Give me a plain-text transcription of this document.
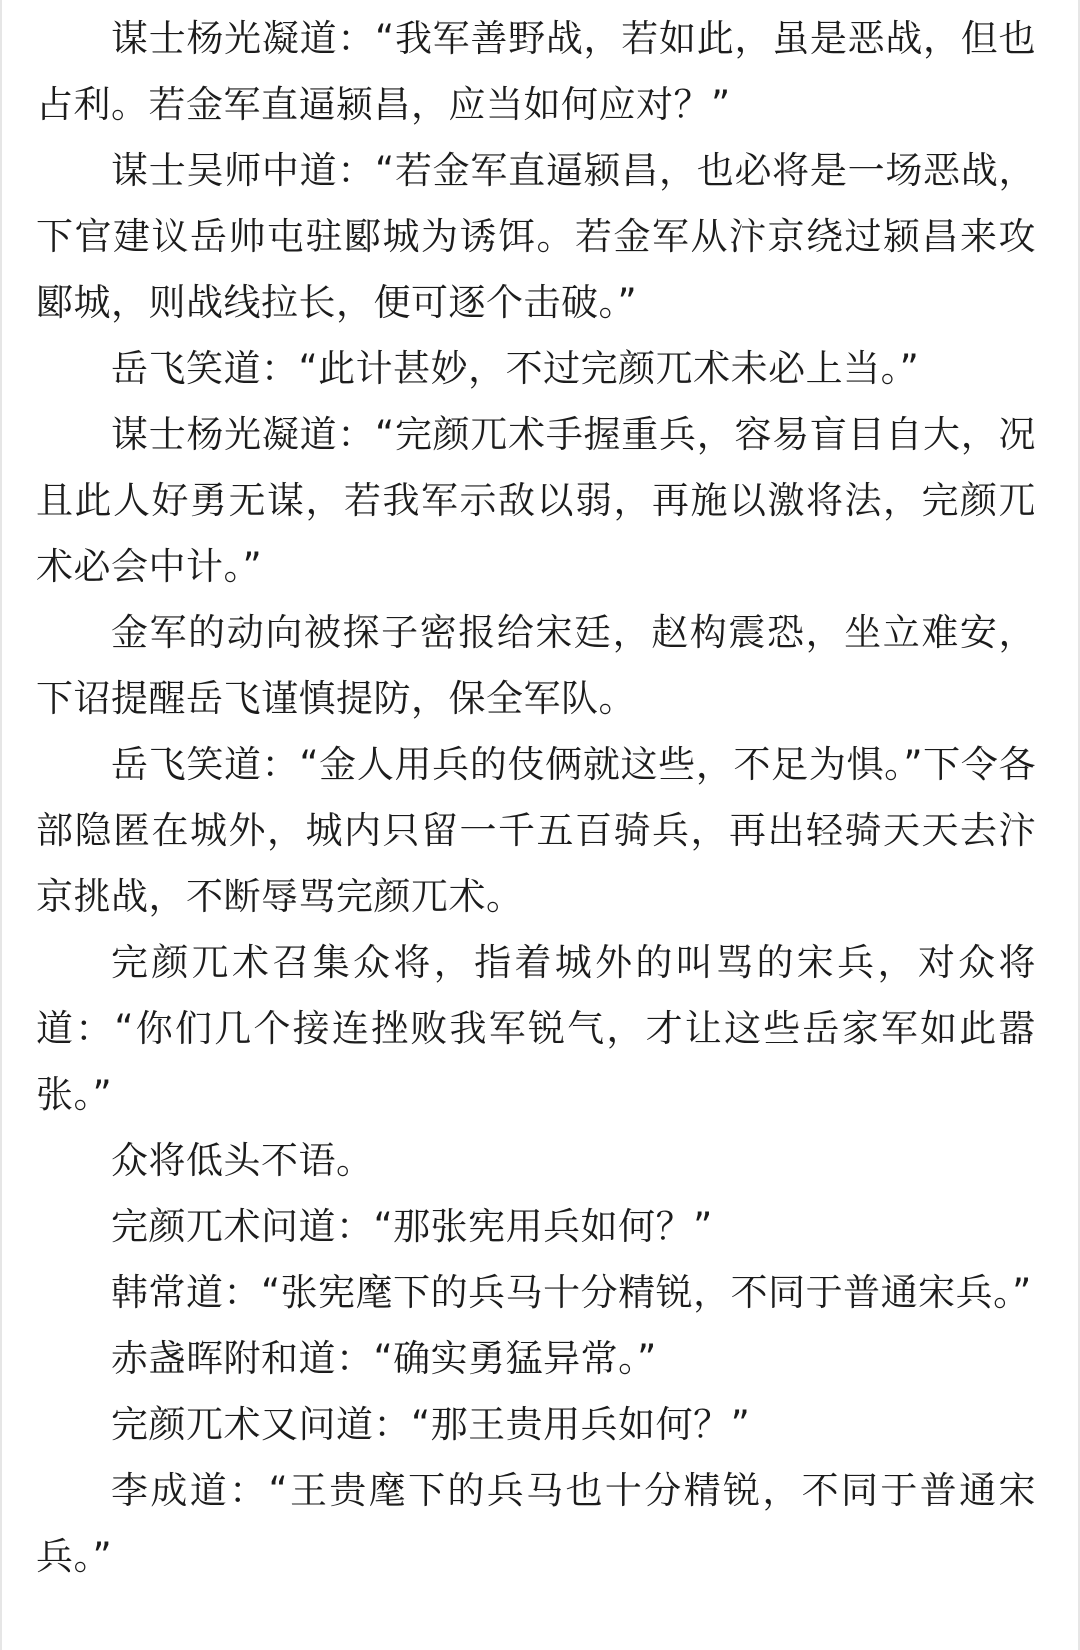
谋士杨光凝道：“我军善野战，若如此，虽是恶战，但也占利。若金军直逼颍昌，应当如何应对？”

谋士吴师中道：“若金军直逼颍昌，也必将是一场恶战，下官建议岳帅屯驻郾城为诱饵。若金军从汴京绕过颍昌来攻郾城，则战线拉长，便可逐个击破。”

岳飞笑道：“此计甚妙，不过完颜兀术未必上当。”

谋士杨光凝道：“完颜兀术手握重兵，容易盲目自大，况且此人好勇无谋，若我军示敌以弱，再施以激将法，完颜兀术必会中计。”

金军的动向被探子密报给宋廷，赵构震恐，坐立难安，下诏提醒岳飞谨慎提防，保全军队。

岳飞笑道：“金人用兵的伎俩就这些，不足为惧。”下令各部隐匿在城外，城内只留一千五百骑兵，再出轻骑天天去汴京挑战，不断辱骂完颜兀术。

完颜兀术召集众将，指着城外的叫骂的宋兵，对众将道：“你们几个接连挫败我军锐气，才让这些岳家军如此嚣张。”

众将低头不语。

完颜兀术问道：“那张宪用兵如何？”

韩常道：“张宪麾下的兵马十分精锐，不同于普通宋兵。”

赤盏晖附和道：“确实勇猛异常。”

完颜兀术又问道：“那王贵用兵如何？”

李成道：“王贵麾下的兵马也十分精锐，不同于普通宋兵。”
